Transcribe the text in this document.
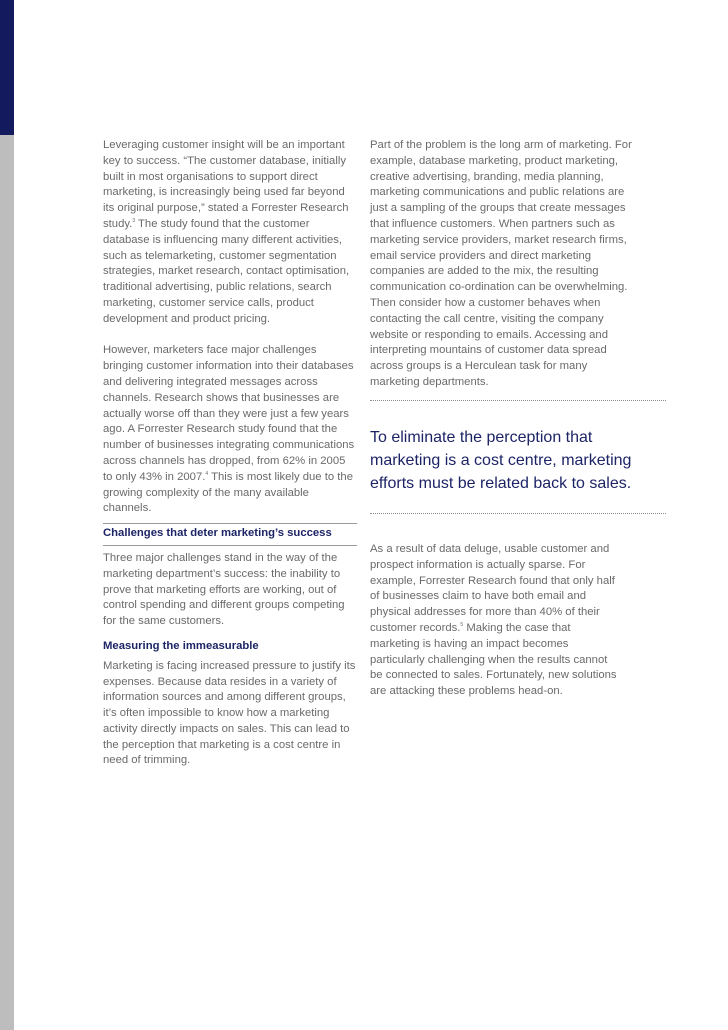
Leveraging customer insight will be an important key to success. “The customer database, initially built in most organisations to support direct marketing, is increasingly being used far beyond its original purpose,” stated a Forrester Research study.$^3$ The study found that the customer database is influencing many different activities, such as telemarketing, customer segmentation strategies, market research, contact optimisation, traditional advertising, public relations, search marketing, customer service calls, product development and product pricing.

However, marketers face major challenges bringing customer information into their databases and delivering integrated messages across channels. Research shows that businesses are actually worse off than they were just a few years ago. A Forrester Research study found that the number of businesses integrating communications across channels has dropped, from 62% in 2005 to only 43% in 2007.$^4$ This is most likely due to the growing complexity of the many available channels.

Challenges that deter marketing’s success

Three major challenges stand in the way of the marketing department’s success: the inability to prove that marketing efforts are working, out of control spending and different groups competing for the same customers.

Measuring the immeasurable

Marketing is facing increased pressure to justify its expenses. Because data resides in a variety of information sources and among different groups, it’s often impossible to know how a marketing activity directly impacts on sales. This can lead to the perception that marketing is a cost centre in need of trimming.

Part of the problem is the long arm of marketing. For example, database marketing, product marketing, creative advertising, branding, media planning, marketing communications and public relations are just a sampling of the groups that create messages that influence customers. When partners such as marketing service providers, market research firms, email service providers and direct marketing companies are added to the mix, the resulting communication co-ordination can be overwhelming. Then consider how a customer behaves when contacting the call centre, visiting the company website or responding to emails. Accessing and interpreting mountains of customer data spread across groups is a Herculean task for many marketing departments.

To eliminate the perception that marketing is a cost centre, marketing efforts must be related back to sales.

As a result of data deluge, usable customer and prospect information is actually sparse. For example, Forrester Research found that only half of businesses claim to have both email and physical addresses for more than 40% of their customer records.$^5$ Making the case that marketing is having an impact becomes particularly challenging when the results cannot be connected to sales. Fortunately, new solutions are attacking these problems head-on.
